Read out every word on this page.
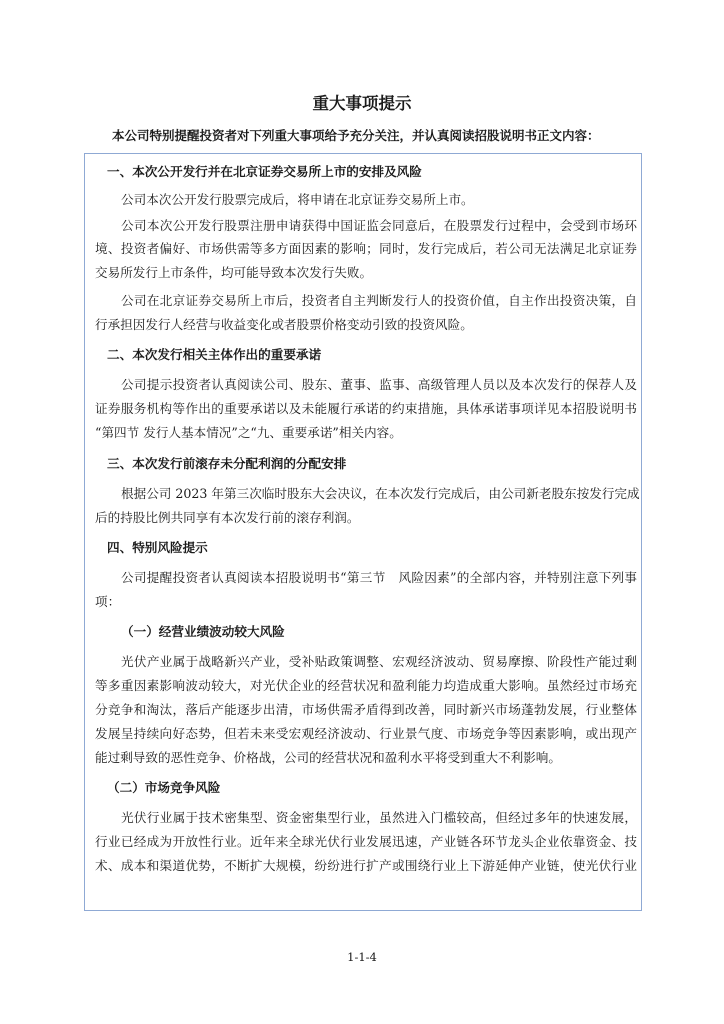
重大事项提示
本公司特别提醒投资者对下列重大事项给予充分关注，并认真阅读招股说明书正文内容：
一、本次公开发行并在北京证券交易所上市的安排及风险
公司本次公开发行股票完成后，将申请在北京证券交易所上市。
公司本次公开发行股票注册申请获得中国证监会同意后，在股票发行过程中，会受到市场环
境、投资者偏好、市场供需等多方面因素的影响；同时，发行完成后，若公司无法满足北京证券
交易所发行上市条件，均可能导致本次发行失败。
公司在北京证券交易所上市后，投资者自主判断发行人的投资价值，自主作出投资决策，自
行承担因发行人经营与收益变化或者股票价格变动引致的投资风险。
二、本次发行相关主体作出的重要承诺
公司提示投资者认真阅读公司、股东、董事、监事、高级管理人员以及本次发行的保荐人及
证券服务机构等作出的重要承诺以及未能履行承诺的约束措施，具体承诺事项详见本招股说明书
“第四节 发行人基本情况”之“九、重要承诺”相关内容。
三、本次发行前滚存未分配利润的分配安排
根据公司 2023 年第三次临时股东大会决议，在本次发行完成后，由公司新老股东按发行完成
后的持股比例共同享有本次发行前的滚存利润。
四、特别风险提示
公司提醒投资者认真阅读本招股说明书“第三节　风险因素”的全部内容，并特别注意下列事
项：
（一）经营业绩波动较大风险
光伏产业属于战略新兴产业，受补贴政策调整、宏观经济波动、贸易摩擦、阶段性产能过剩
等多重因素影响波动较大，对光伏企业的经营状况和盈利能力均造成重大影响。虽然经过市场充
分竞争和淘汰，落后产能逐步出清，市场供需矛盾得到改善，同时新兴市场蓬勃发展，行业整体
发展呈持续向好态势，但若未来受宏观经济波动、行业景气度、市场竞争等因素影响，或出现产
能过剩导致的恶性竞争、价格战，公司的经营状况和盈利水平将受到重大不利影响。
（二）市场竞争风险
光伏行业属于技术密集型、资金密集型行业，虽然进入门槛较高，但经过多年的快速发展，
行业已经成为开放性行业。近年来全球光伏行业发展迅速，产业链各环节龙头企业依靠资金、技
术、成本和渠道优势，不断扩大规模，纷纷进行扩产或围绕行业上下游延伸产业链，使光伏行业
1-1-4
